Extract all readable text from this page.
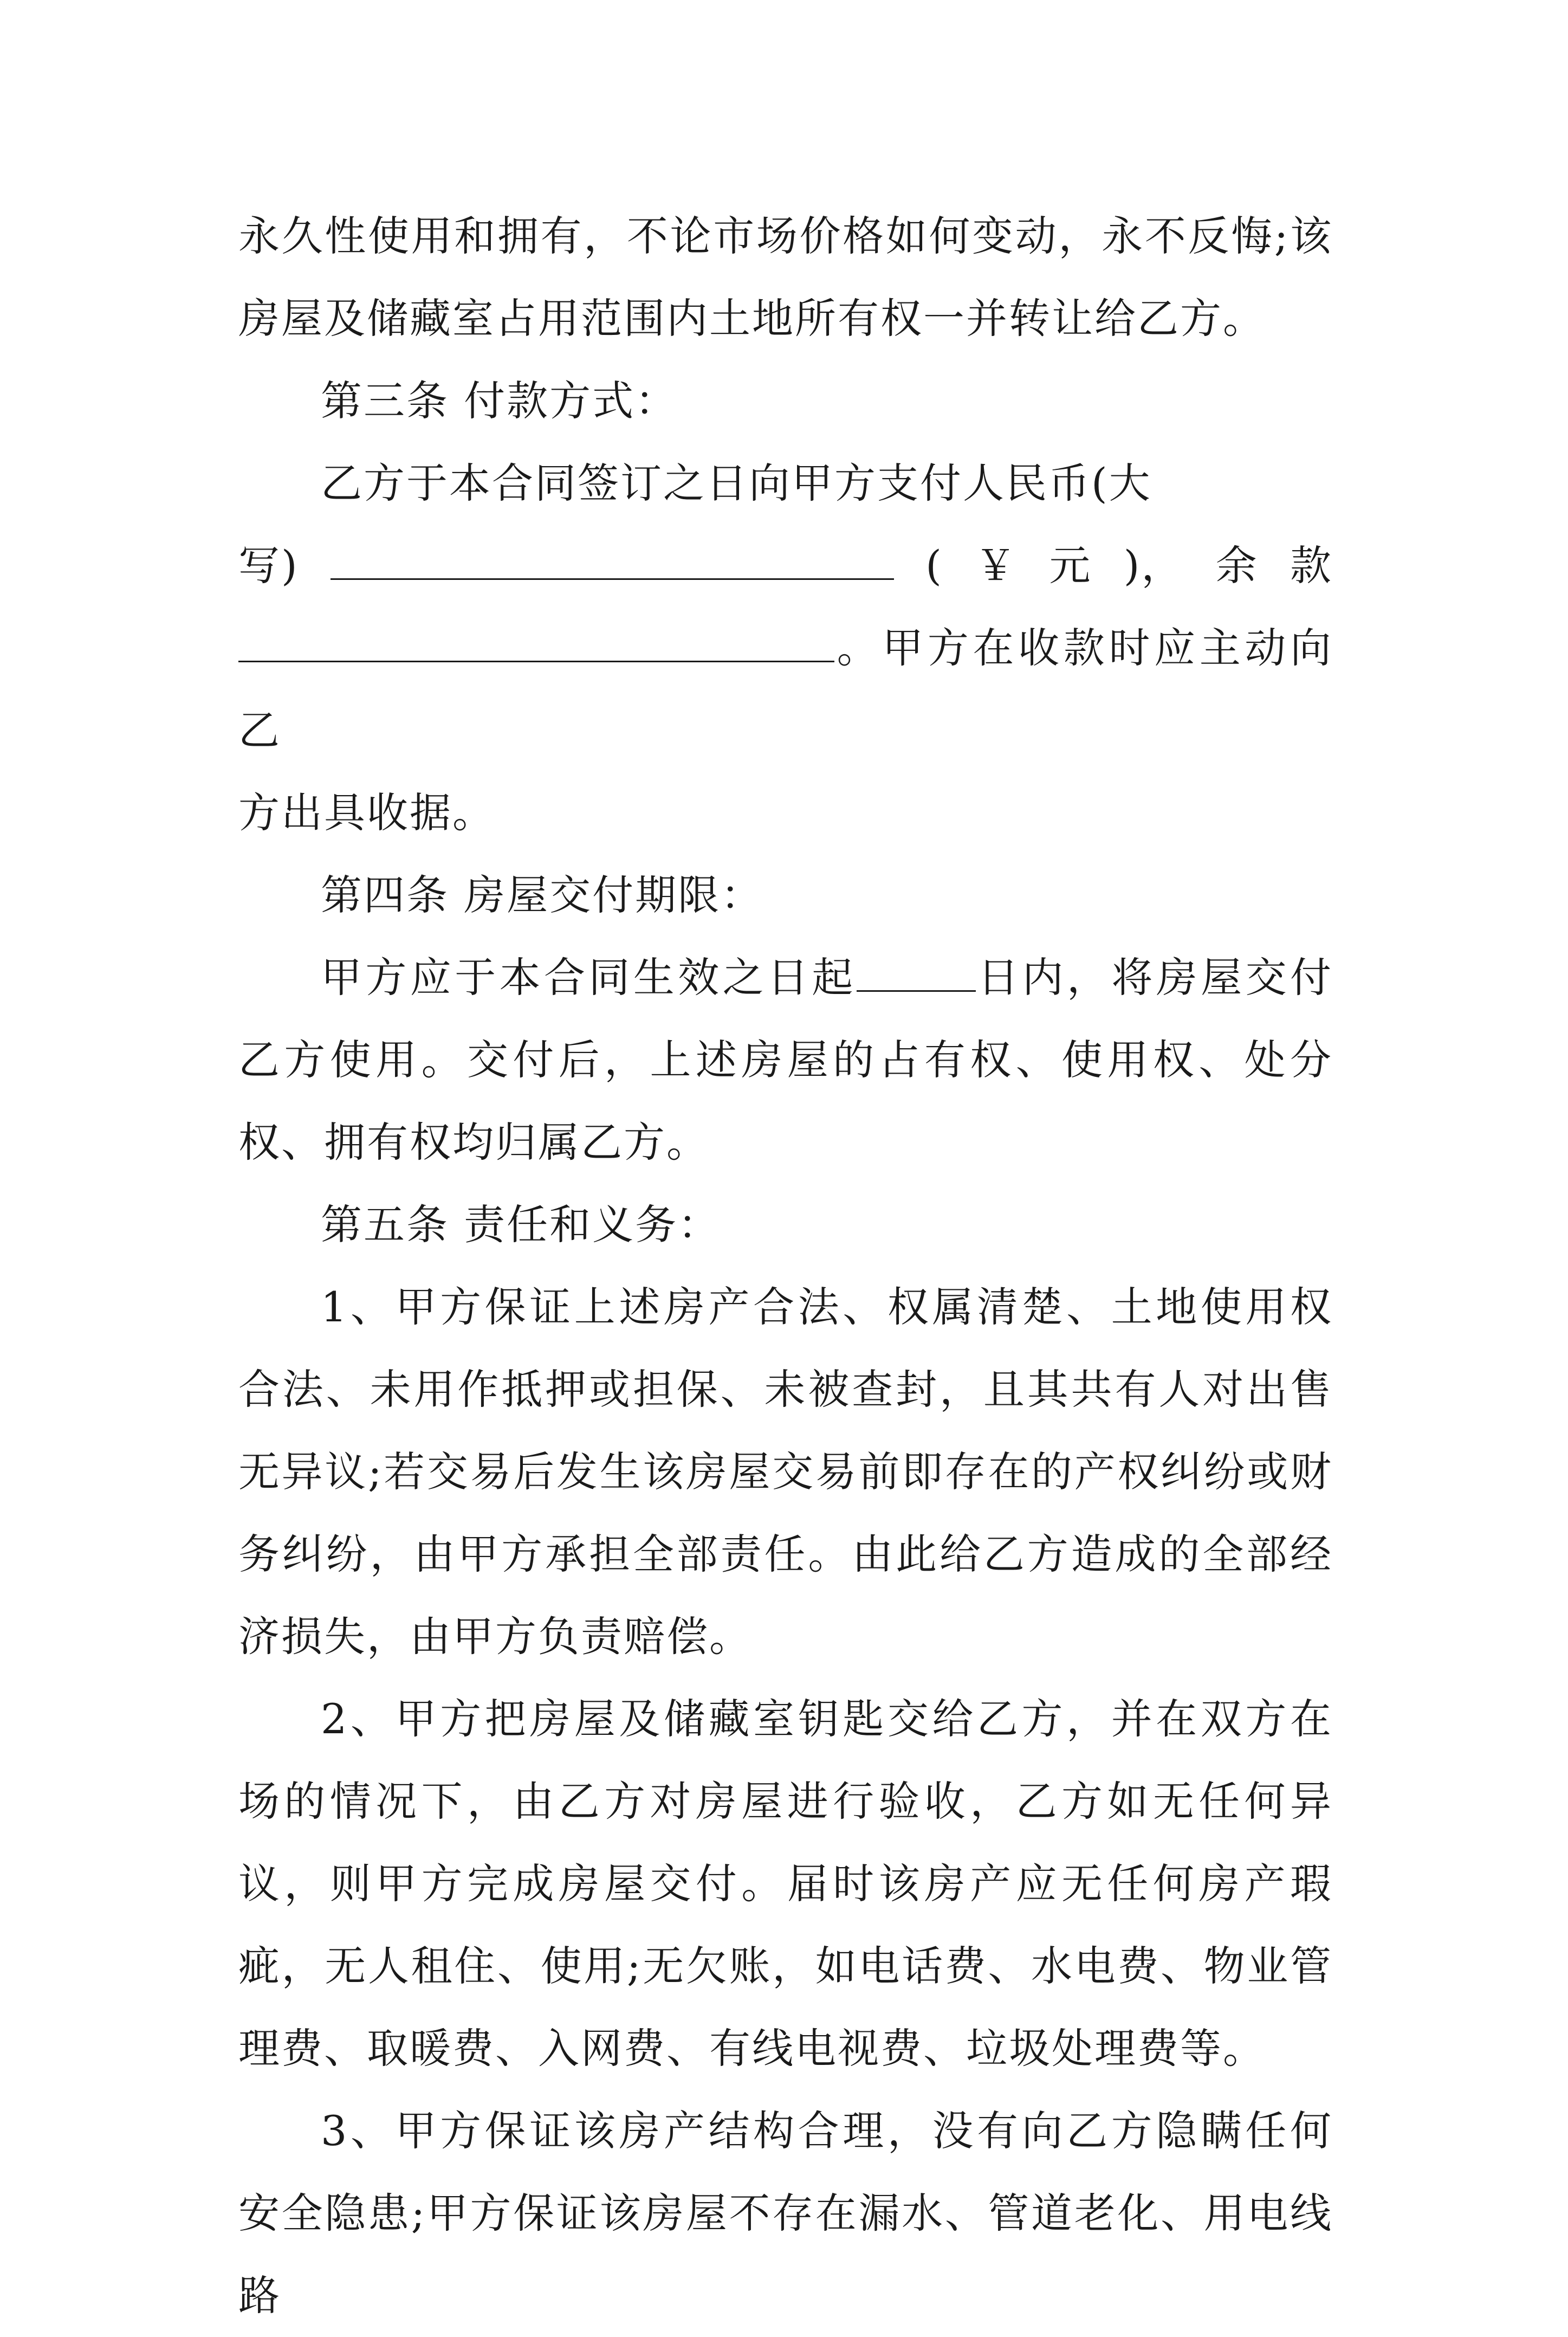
永久性使用和拥有，不论市场价格如何变动，永不反悔;该房屋及储藏室占用范围内土地所有权一并转让给乙方。

第三条 付款方式：

乙方于本合同签订之日向甲方支付人民币(大

写)	( ￥ 元 )， 余 款
。甲方在收款时应主动向乙

方出具收据。

第四条 房屋交付期限：

甲方应于本合同生效之日起	日内，将房屋交付乙方使用。交付后，上述房屋的占有权、使用权、处分权、拥有权均归属乙方。

第五条 责任和义务：

1、甲方保证上述房产合法、权属清楚、土地使用权合法、未用作抵押或担保、未被查封，且其共有人对出售无异议;若交易后发生该房屋交易前即存在的产权纠纷或财务纠纷，由甲方承担全部责任。由此给乙方造成的全部经济损失，由甲方负责赔偿。

2、甲方把房屋及储藏室钥匙交给乙方，并在双方在场的情况下，由乙方对房屋进行验收，乙方如无任何异议，则甲方完成房屋交付。届时该房产应无任何房产瑕疵，无人租住、使用;无欠账，如电话费、水电费、物业管理费、取暖费、入网费、有线电视费、垃圾处理费等。

3、甲方保证该房产结构合理，没有向乙方隐瞒任何安全隐患;甲方保证该房屋不存在漏水、管道老化、用电线路
